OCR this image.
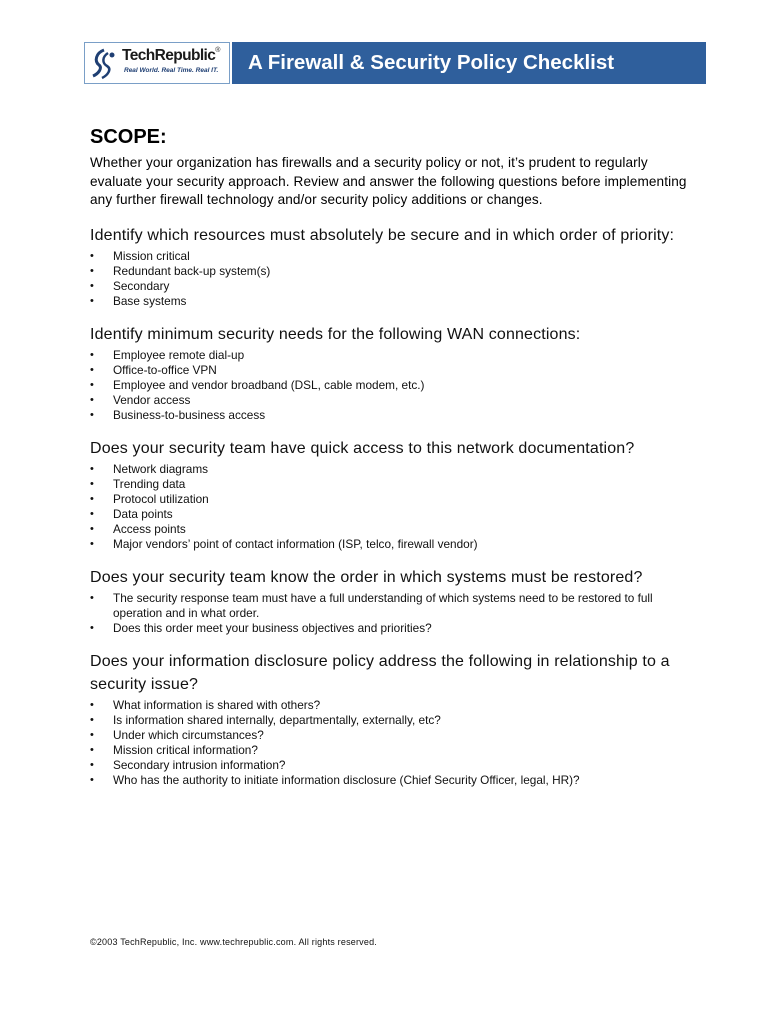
TechRepublic®
Real World. Real Time. Real IT. A Firewall & Security Policy Checklist
SCOPE:

Whether your organization has firewalls and a security policy or not, it’s prudent to regularly evaluate your security approach. Review and answer the following questions before implementing any further firewall technology and/or security policy additions or changes.

Identify which resources must absolutely be secure and in which order of priority:

• Mission critical
• Redundant back-up system(s)
• Secondary
• Base systems

Identify minimum security needs for the following WAN connections:

• Employee remote dial-up
• Office-to-office VPN
• Employee and vendor broadband (DSL, cable modem, etc.)
• Vendor access
• Business-to-business access

Does your security team have quick access to this network documentation?

• Network diagrams
• Trending data
• Protocol utilization
• Data points
• Access points
• Major vendors’ point of contact information (ISP, telco, firewall vendor)

Does your security team know the order in which systems must be restored?

• The security response team must have a full understanding of which systems need to be restored to full operation and in what order.
• Does this order meet your business objectives and priorities?

Does your information disclosure policy address the following in relationship to a security issue?

• What information is shared with others?
• Is information shared internally, departmentally, externally, etc?
• Under which circumstances?
• Mission critical information?
• Secondary intrusion information?
• Who has the authority to initiate information disclosure (Chief Security Officer, legal, HR)?
©2003 TechRepublic, Inc. www.techrepublic.com. All rights reserved.
